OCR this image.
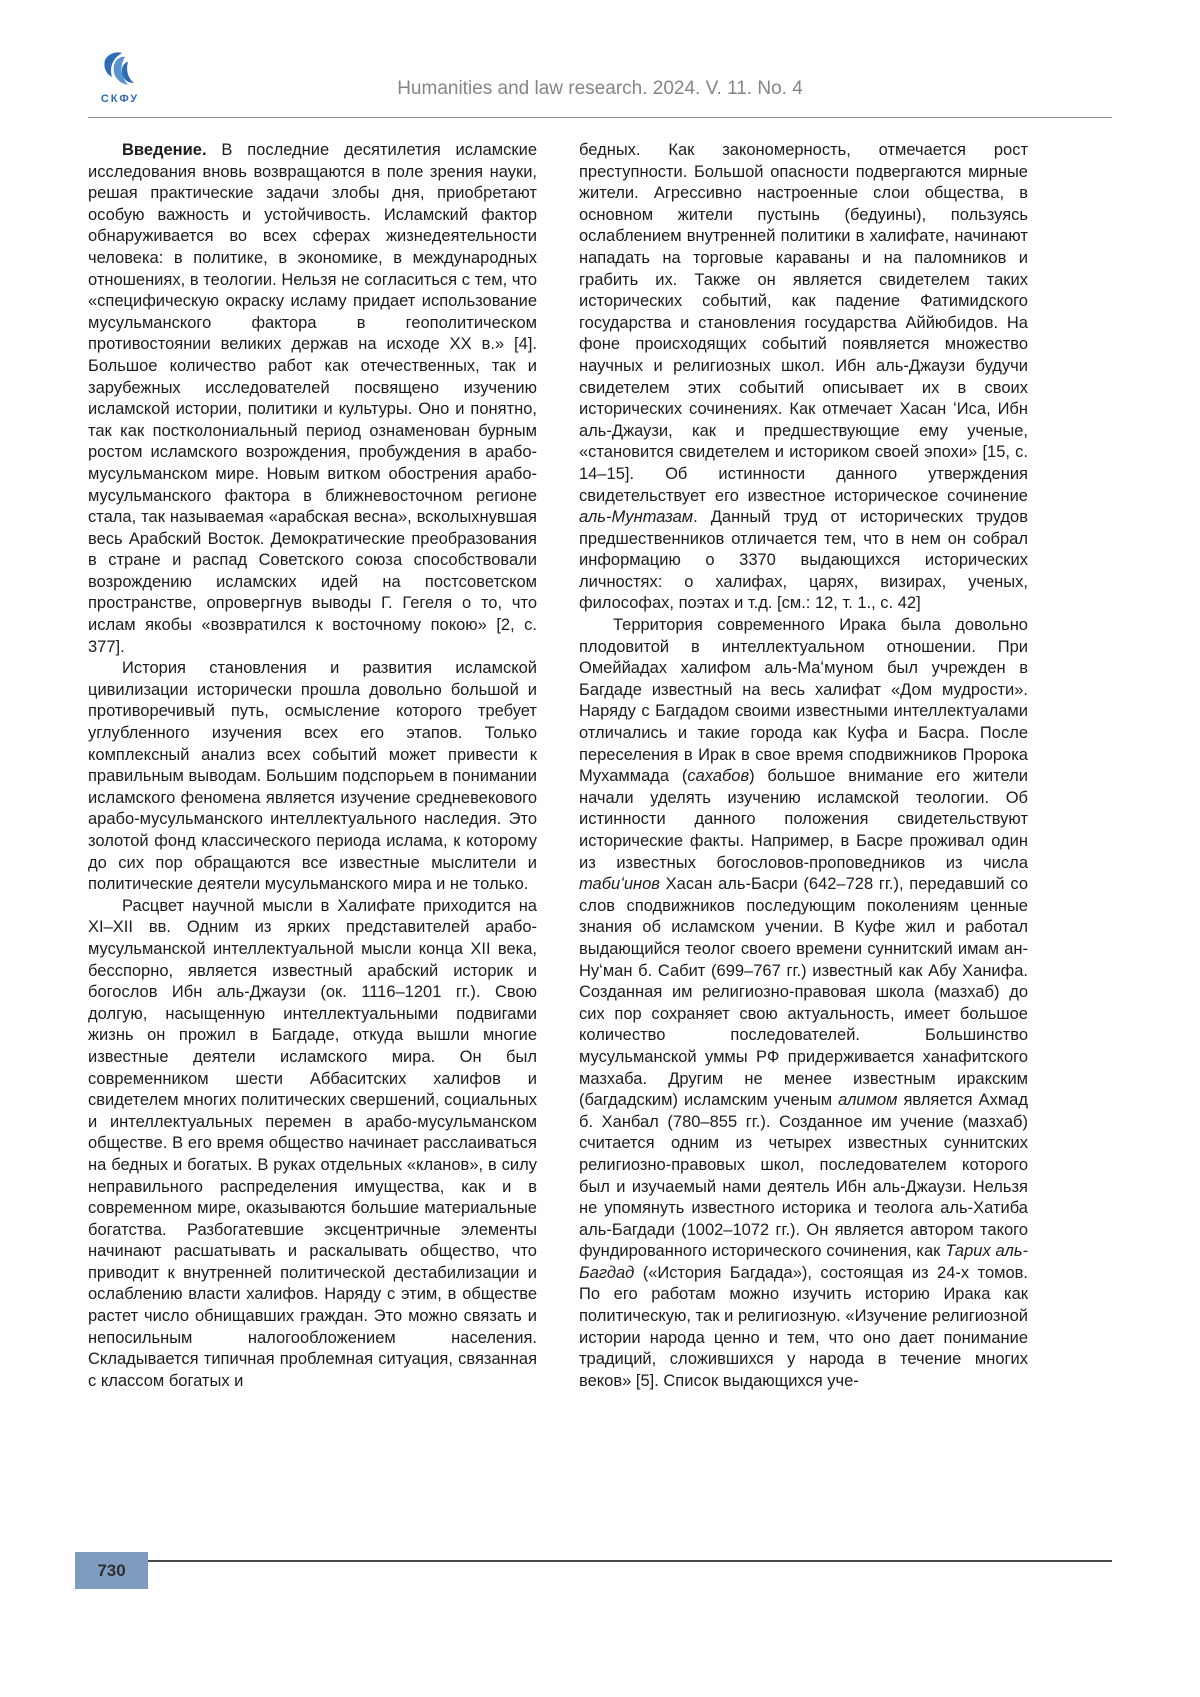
СКФУ	Humanities and law research. 2024. V. 11. No. 4

Введение. В последние десятилетия исламские исследования вновь возвращаются в поле зрения науки, решая практические задачи злобы дня, приобретают особую важность и устойчивость. Исламский фактор обнаруживается во всех сферах жизнедеятельности человека: в политике, в экономике, в международных отношениях, в теологии. Нельзя не согласиться с тем, что «специфическую окраску исламу придает использование мусульманского фактора в геополитическом противостоянии великих держав на исходе XX в.» [4]. Большое количество работ как отечественных, так и зарубежных исследователей посвящено изучению исламской истории, политики и культуры. Оно и понятно, так как постколониальный период ознаменован бурным ростом исламского возрождения, пробуждения в арабо-мусульманском мире. Новым витком обострения арабо-мусульманского фактора в ближневосточном регионе стала, так называемая «арабская весна», всколыхнувшая весь Арабский Восток. Демократические преобразования в стране и распад Советского союза способствовали возрождению исламских идей на постсоветском пространстве, опровергнув выводы Г. Гегеля о то, что ислам якобы «возвратился к восточному покою» [2, с. 377].

История становления и развития исламской цивилизации исторически прошла довольно большой и противоречивый путь, осмысление которого требует углубленного изучения всех его этапов. Только комплексный анализ всех событий может привести к правильным выводам. Большим подспорьем в понимании исламского феномена является изучение средневекового арабо-мусульманского интеллектуального наследия. Это золотой фонд классического периода ислама, к которому до сих пор обращаются все известные мыслители и политические деятели мусульманского мира и не только.

Расцвет научной мысли в Халифате приходится на XI–XII вв. Одним из ярких представителей арабо-мусульманской интеллектуальной мысли конца XII века, бесспорно, является известный арабский историк и богослов Ибн аль-Джаузи (ок. 1116–1201 гг.). Свою долгую, насыщенную интеллектуальными подвигами жизнь он прожил в Багдаде, откуда вышли многие известные деятели исламского мира. Он был современником шести Аббаситских халифов и свидетелем многих политических свершений, социальных и интеллектуальных перемен в арабо-мусульманском обществе. В его время общество начинает расслаиваться на бедных и богатых. В руках отдельных «кланов», в силу неправильного распределения имущества, как и в современном мире, оказываются большие материальные богатства. Разбогатевшие эксцентричные элементы начинают расшатывать и раскалывать общество, что приводит к внутренней политической дестабилизации и ослаблению власти халифов. Наряду с этим, в обществе растет число обнищавших граждан. Это можно связать и непосильным налогообложением населения. Складывается типичная проблемная ситуация, связанная с классом богатых и

бедных. Как закономерность, отмечается рост преступности. Большой опасности подвергаются мирные жители. Агрессивно настроенные слои общества, в основном жители пустынь (бедуины), пользуясь ослаблением внутренней политики в халифате, начинают нападать на торговые караваны и на паломников и грабить их. Также он является свидетелем таких исторических событий, как падение Фатимидского государства и становления государства Аййюбидов. На фоне происходящих событий появляется множество научных и религиозных школ. Ибн аль-Джаузи будучи свидетелем этих событий описывает их в своих исторических сочинениях. Как отмечает Хасан ʻИса, Ибн аль-Джаузи, как и предшествующие ему ученые, «становится свидетелем и историком своей эпохи» [15, с. 14–15]. Об истинности данного утверждения свидетельствует его известное историческое сочинение аль-Мунтазам. Данный труд от исторических трудов предшественников отличается тем, что в нем он собрал информацию о 3370 выдающихся исторических личностях: о халифах, царях, визирах, ученых, философах, поэтах и т.д. [см.: 12, т. 1., с. 42]

Территория современного Ирака была довольно плодовитой в интеллектуальном отношении. При Омеййадах халифом аль-Маʻмуном был учрежден в Багдаде известный на весь халифат «Дом мудрости». Наряду с Багдадом своими известными интеллектуалами отличались и такие города как Куфа и Басра. После переселения в Ирак в свое время сподвижников Пророка Мухаммада (сахабов) большое внимание его жители начали уделять изучению исламской теологии. Об истинности данного положения свидетельствуют исторические факты. Например, в Басре проживал один из известных богословов-проповедников из числа табиʻинов Хасан аль-Басри (642–728 гг.), передавший со слов сподвижников последующим поколениям ценные знания об исламском учении. В Куфе жил и работал выдающийся теолог своего времени суннитский имам ан-Нуʻман б. Сабит (699–767 гг.) известный как Абу Ханифа. Созданная им религиозно-правовая школа (мазхаб) до сих пор сохраняет свою актуальность, имеет большое количество последователей. Большинство мусульманской уммы РФ придерживается ханафитского мазхаба. Другим не менее известным иракским (багдадским) исламским ученым алимом является Ахмад б. Ханбал (780–855 гг.). Созданное им учение (мазхаб) считается одним из четырех известных суннитских религиозно-правовых школ, последователем которого был и изучаемый нами деятель Ибн аль-Джаузи. Нельзя не упомянуть известного историка и теолога аль-Хатиба аль-Багдади (1002–1072 гг.). Он является автором такого фундированного исторического сочинения, как Тарих аль-Багдад («История Багдада»), состоящая из 24-х томов. По его работам можно изучить историю Ирака как политическую, так и религиозную. «Изучение религиозной истории народа ценно и тем, что оно дает понимание традиций, сложившихся у народа в течение многих веков» [5]. Список выдающихся уче-

730
